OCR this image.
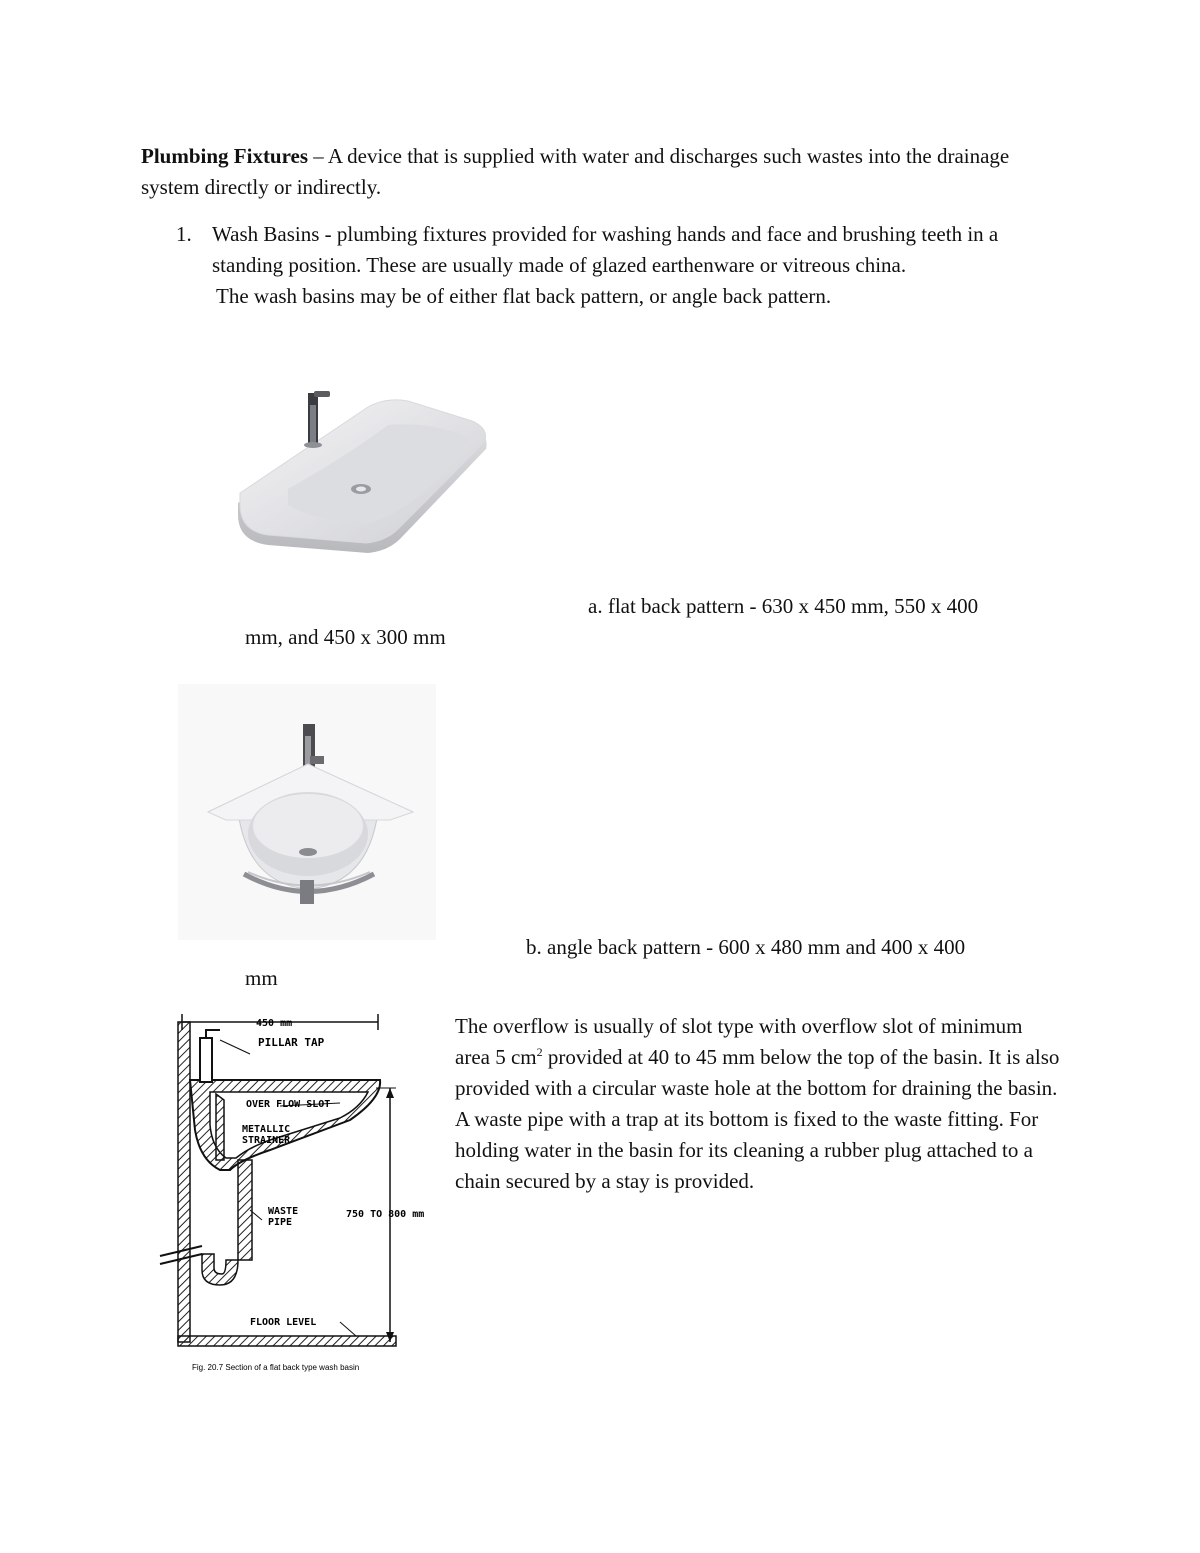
Plumbing Fixtures – A device that is supplied with water and discharges such wastes into the drainage system directly or indirectly.
1. Wash Basins - plumbing fixtures provided for washing hands and face and brushing teeth in a standing position. These are usually made of glazed earthenware or vitreous china.
The wash basins may be of either flat back pattern, or angle back pattern.
a. flat back pattern - 630 x 450 mm, 550 x 400
mm, and 450 x 300 mm
b. angle back pattern - 600 x 480 mm and 400 x 400
mm
450 mm
PILLAR TAP
OVER FLOW SLOT
METALLIC
STRAINER
WASTE
PIPE
750 TO 800 mm
FLOOR LEVEL
Fig. 20.7 Section of a flat back type wash basin
The overflow is usually of slot type with overflow slot of minimum area 5 $cm^2$ provided at 40 to 45 mm below the top of the basin. It is also provided with a circular waste hole at the bottom for draining the basin. A waste pipe with a trap at its bottom is fixed to the waste fitting. For holding water in the basin for its cleaning a rubber plug attached to a chain secured by a stay is provided.
